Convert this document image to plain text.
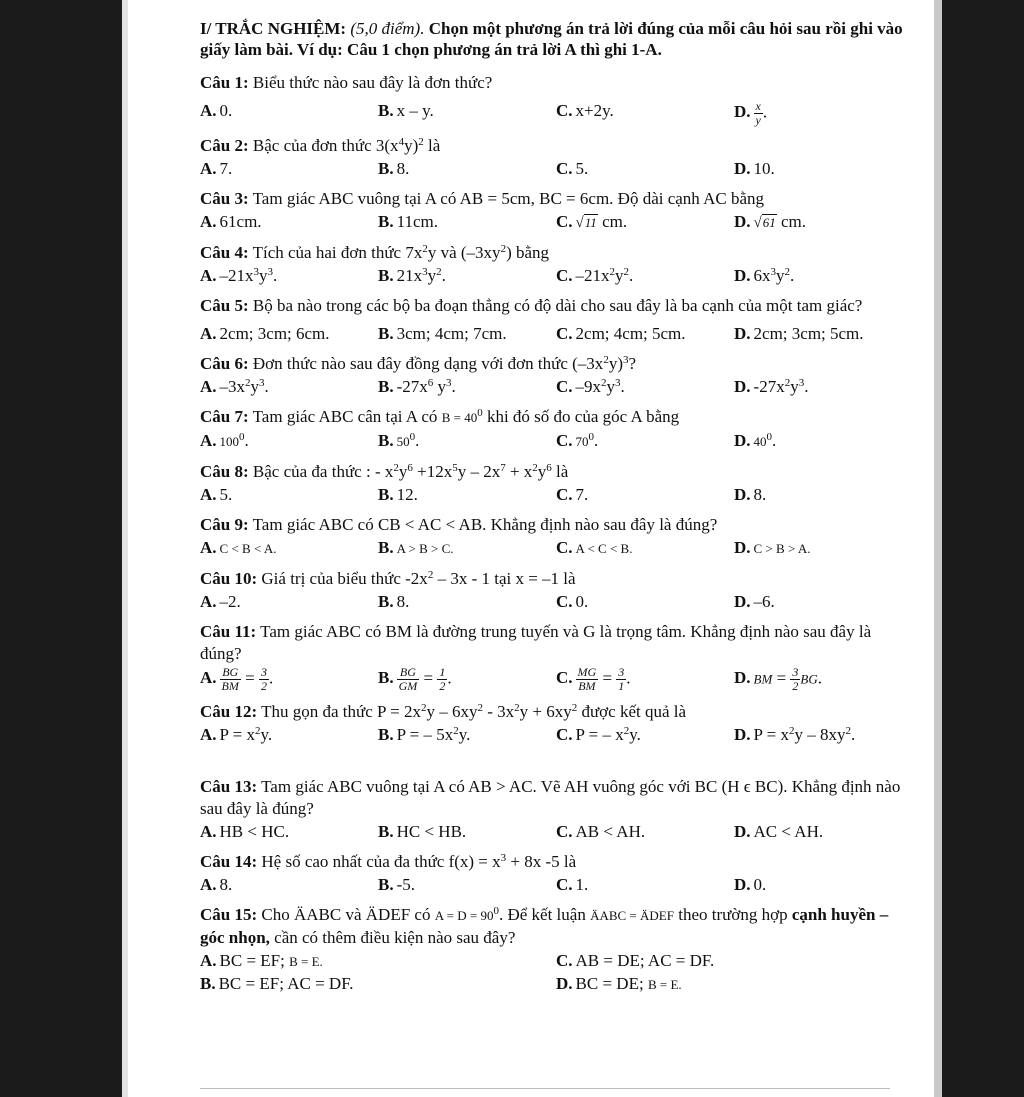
I/ TRẮC NGHIỆM: (5,0 điểm). Chọn một phương án trả lời đúng của mỗi câu hỏi sau rồi ghi vào giấy làm bài. Ví dụ: Câu 1 chọn phương án trả lời A thì ghi 1-A.
Câu 1: Biểu thức nào sau đây là đơn thức?
A. 0.	B. x – y.	C. x+2y.	D. $\frac{x}{y}$ .
Câu 2: Bậc của đơn thức $3(x^4y)^2$ là
A. 7.	B. 8.	C. 5.	D. 10.
Câu 3: Tam giác ABC vuông tại A có AB = 5cm, BC = 6cm. Độ dài cạnh AC bằng
A. 61cm.	B. 11cm.	C. √11 cm.	D. √61 cm.
Câu 4: Tích của hai đơn thức $7x^2y$ và $(-3xy^2)$ bằng
A. $-21x^3y^3$.	B. $21x^3y^2$.	C. $-21x^2y^2$.	D. $6x^3y^2$.
Câu 5: Bộ ba nào trong các bộ ba đoạn thẳng có độ dài cho sau đây là ba cạnh của một tam giác?
A. 2cm; 3cm; 6cm.	B. 3cm; 4cm; 7cm.	C. 2cm; 4cm; 5cm.	D. 2cm; 3cm; 5cm.
Câu 6: Đơn thức nào sau đây đồng dạng với đơn thức $(-3x^2y)^3$?
A. $-3x^2y^3$.	B. $-27x^6$ $y^3$.	C. $-9x^2y^3$.	D. $-27x^2y^3$.
Câu 7: Tam giác ABC cân tại A có $B = 40^0$ khi đó số đo của góc A bằng
A. $100^0$.	B. $50^0$.	C. $70^0$.	D. $40^0$.
Câu 8: Bậc của đa thức : - $x^2y^6 +12x^5y - 2x^7 + x^2y^6$ là
A. 5.	B. 12.	C. 7.	D. 8.
Câu 9: Tam giác ABC có CB < AC < AB. Khẳng định nào sau đây là đúng?
A. C < B < A.	B. A > B > C.	C. A < C < B.	D. C > B > A.
Câu 10: Giá trị của biểu thức $-2x^2 - 3x - 1$ tại x = –1 là
A. –2.	B. 8.	C. 0.	D. –6.
Câu 11: Tam giác ABC có BM là đường trung tuyến và G là trọng tâm. Khẳng định nào sau đây là đúng?
A. $\frac{BG}{BM} = \frac{3}{2}$ .	B. $\frac{BG}{GM} = \frac{1}{2}$ .	C. $\frac{MG}{BM} = \frac{3}{1}$ .	D. BM = $\frac{3}{2}$ BG.
Câu 12: Thu gọn đa thức $P = 2x^2y - 6xy^2 - 3x^2y + 6xy^2$ được kết quả là
A. $P = x^2y$.	B. P = – $5x^2y$.	C. P = – $x^2y$.	D. $P = x^2y - 8xy^2$.
Câu 13: Tam giác ABC vuông tại A có AB > AC. Vẽ AH vuông góc với BC (H ϵ BC). Khẳng định nào sau đây là đúng?
A. HB < HC.	B. HC < HB.	C. AB < AH.	D. AC < AH.
Câu 14: Hệ số cao nhất của đa thức $f(x) = x^3 + 8x$ -5 là
A. 8.	B. -5.	C. 1.	D. 0.
Câu 15: Cho ÄABC và ÄDEF có $A = D = 90^0$. Để kết luận ÄABC = ÄDEF theo trường hợp cạnh huyền – góc nhọn, cần có thêm điều kiện nào sau đây?
A. BC = EF; B = E.	C. AB = DE; AC = DF.
B. BC = EF; AC = DF.	D. BC = DE; B = E.
